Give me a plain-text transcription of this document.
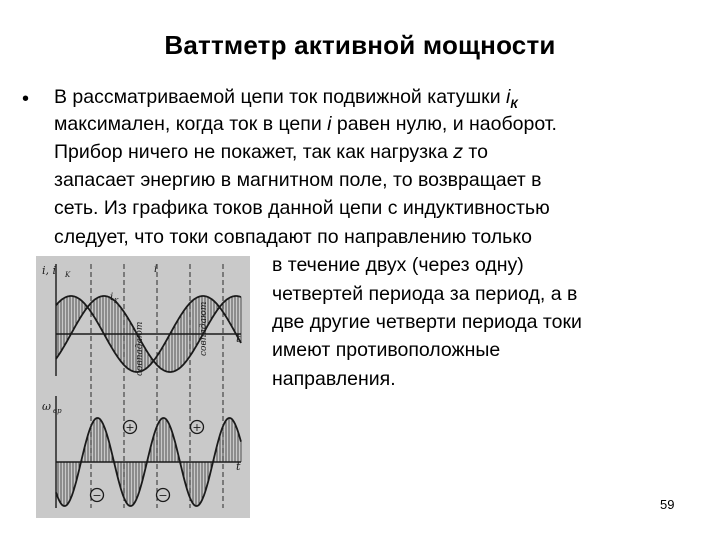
Ваттметр активной мощности
• В рассматриваемой цепи ток подвижной катушки $i_К$
максимален, когда ток в цепи i равен нулю, и наоборот.
Прибор ничего не покажет, так как нагрузка z то
запасает энергию в магнитном поле, то возвращает в
сеть. Из графика токов данной цепи с индуктивностью
следует, что токи совпадают по направлению только
в течение двух (через одну)
четвертей периода за период, а в
две другие четверти периода токи
имеют противоположные
направления.
i, i K
t
i K
i
ω вр
t
совпадают	совпадают
+	+
−	−
59
